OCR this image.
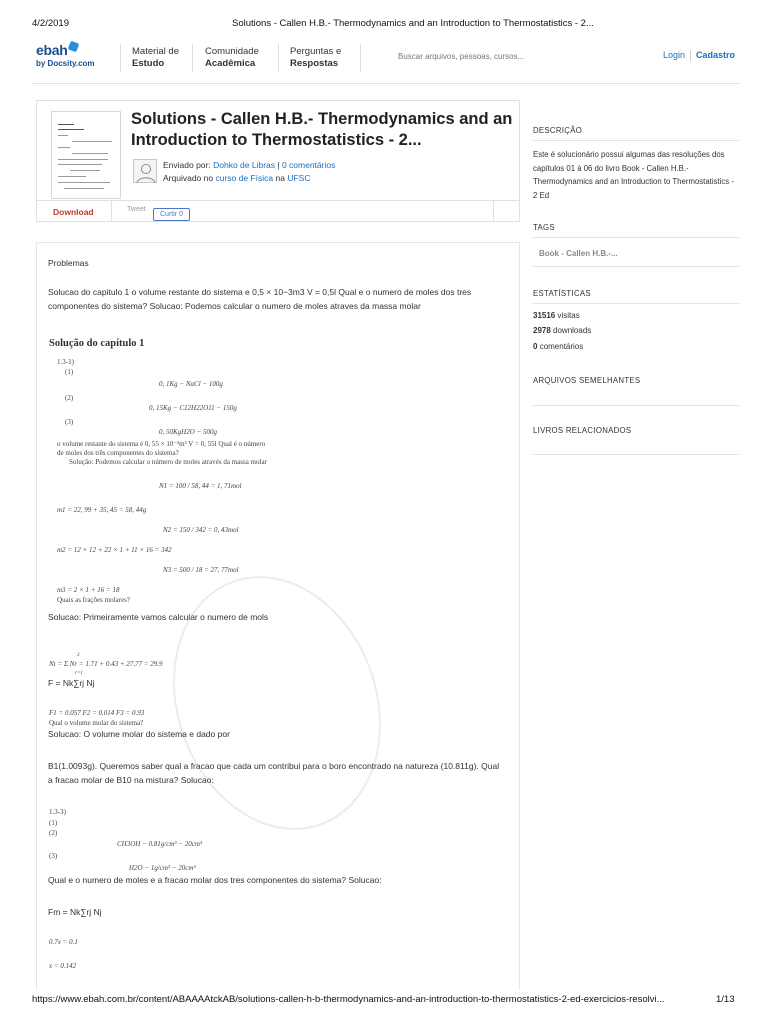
4/2/2019	Solutions - Callen H.B.- Thermodynamics and an Introduction to Thermostatistics - 2...
ebah
by Docsity.com
Material de
Estudo
Comunidade
Acadêmica
Perguntas e
Respostas
Buscar arquivos, pessoas, cursos...	Login Cadastro
Solutions - Callen H.B.- Thermodynamics and an Introduction to Thermostatistics - 2...
Enviado por: Dohko de Libras | 0 comentários
Arquivado no curso de Física na UFSC
Download	Tweet
Curtir 0
Problemas
Solucao do capitulo 1 o volume restante do sistema e 0,5 × 10−3m3 V = 0,5l Qual e o numero de moles dos tres componentes do sistema? Solucao: Podemos calcular o numero de moles atraves da massa molar
Solução do capítulo 1
1.3-1)
(1)
0, 1Kg − NaCl − 100g
(2)
0, 15Kg − C12H22O11 − 150g
(3)
0, 50KgH2O − 500g
o volume restante do sistema é 0, 55 × 10⁻³m³ V = 0, 55l Qual é o número
de moles dos três componentes do sistema?
Solução: Podemos calcular o número de moles através da massa molar
N1 = 100 / 58, 44 = 1, 71mol
m1 = 22, 99 + 35, 45 = 58, 44g
N2 = 150 / 342 = 0, 43mol
m2 = 12 × 12 + 22 × 1 + 11 × 16 = 342
N3 = 500 / 18 = 27, 77mol
m3 = 2 × 1 + 16 = 18
Quais as frações molares?
Solucao: Primeiramente vamos calcular o numero de mols
Nt = Σ Nr = 1.71 + 0.43 + 27.77 = 29.9
3
r=1
F = Nk∑rj Nj
F1 = 0.057 F2 = 0.014 F3 = 0.93
Qual o volume molar do sistema?
Solucao: O volume molar do sistema e dado por
B1(1.0093g). Queremos saber qual a fracao que cada um contribui para o boro encontrado na natureza (10.811g). Qual a fracao molar de B10 na mistura? Solucao:
1.3-3)
(1)
(2)
CH3OH − 0.81g/cm³ − 20cm³
(3)
H2O − 1g/cm³ − 20cm³
Qual e o numero de moles e a fracao molar dos tres componentes do sistema? Solucao:
Fm = Nk∑rj Nj
0.7x = 0.1
x = 0.142
DESCRIÇÃO
Este é solucionário possui algumas das resoluções dos capítulos 01 à 06 do livro Book - Callen H.B.- Thermodynamics and an Introduction to Thermostatistics - 2 Ed
TAGS
Book - Callen H.B.-...
ESTATÍSTICAS
31516 visitas
2978 downloads
0 comentários
ARQUIVOS SEMELHANTES
LIVROS RELACIONADOS
https://www.ebah.com.br/content/ABAAAAtckAB/solutions-callen-h-b-thermodynamics-and-an-introduction-to-thermostatistics-2-ed-exercicios-resolvi...	1/13
